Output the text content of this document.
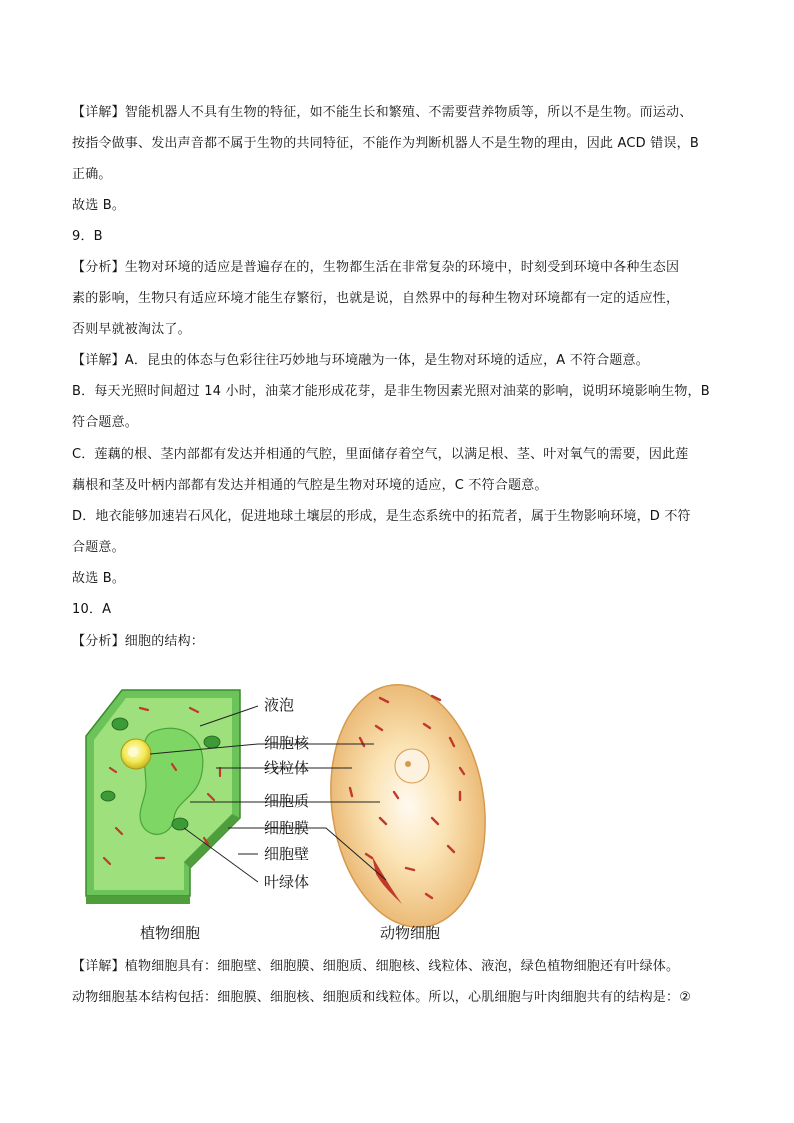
【详解】智能机器人不具有生物的特征，如不能生长和繁殖、不需要营养物质等，所以不是生物。而运动、
按指令做事、发出声音都不属于生物的共同特征，不能作为判断机器人不是生物的理由，因此 ACD 错误，B
正确。
故选 B。
9．B
【分析】生物对环境的适应是普遍存在的，生物都生活在非常复杂的环境中，时刻受到环境中各种生态因
素的影响，生物只有适应环境才能生存繁衍，也就是说，自然界中的每种生物对环境都有一定的适应性，
否则早就被淘汰了。
【详解】A．昆虫的体态与色彩往往巧妙地与环境融为一体，是生物对环境的适应，A 不符合题意。
B．每天光照时间超过 14 小时，油菜才能形成花芽，是非生物因素光照对油菜的影响，说明环境影响生物，B
符合题意。
C．莲藕的根、茎内部都有发达并相通的气腔，里面储存着空气，以满足根、茎、叶对氧气的需要，因此莲
藕根和茎及叶柄内部都有发达并相通的气腔是生物对环境的适应，C 不符合题意。
D．地衣能够加速岩石风化，促进地球土壤层的形成，是生态系统中的拓荒者，属于生物影响环境，D 不符
合题意。
故选 B。
10．A
【分析】细胞的结构：
液泡
细胞核
线粒体
细胞质
细胞膜
细胞壁
叶绿体
植物细胞	动物细胞
【详解】植物细胞具有：细胞壁、细胞膜、细胞质、细胞核、线粒体、液泡，绿色植物细胞还有叶绿体。
动物细胞基本结构包括：细胞膜、细胞核、细胞质和线粒体。所以，心肌细胞与叶肉细胞共有的结构是：②
